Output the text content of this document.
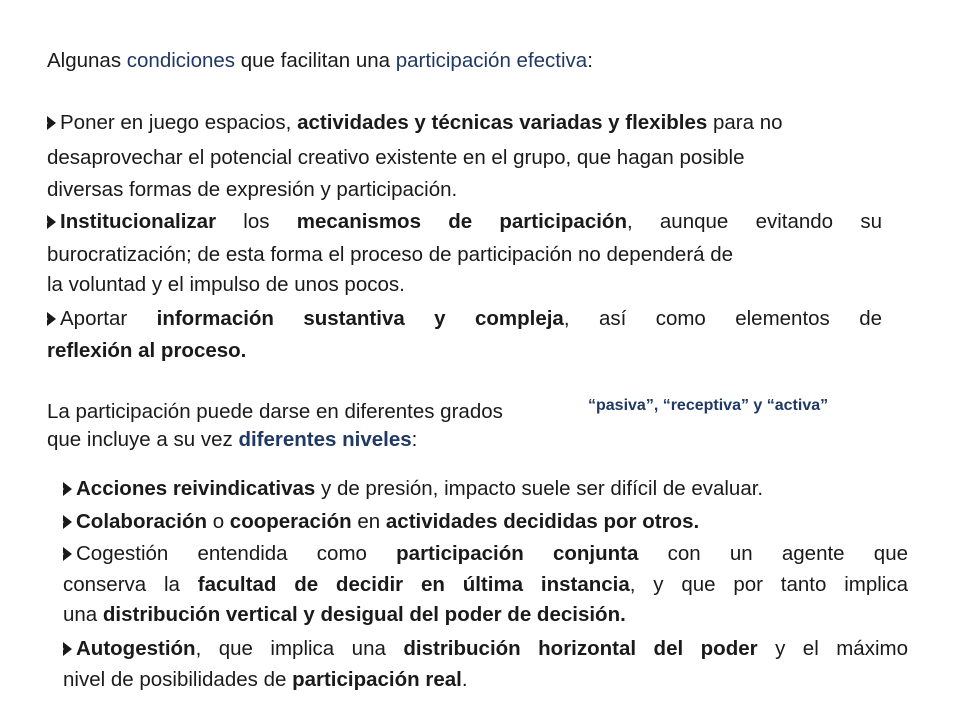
Algunas condiciones que facilitan una participación efectiva:
Poner en juego espacios, actividades y técnicas variadas y flexibles para no
desaprovechar el potencial creativo existente en el grupo, que hagan posible
diversas formas de expresión y participación.
Institucionalizar los mecanismos de participación, aunque evitando su
burocratización; de esta forma el proceso de participación no dependerá de
la voluntad y el impulso de unos pocos.
Aportar información sustantiva y compleja, así como elementos de
reflexión al proceso.
La participación puede darse en diferentes grados	“pasiva”, “receptiva” y “activa”
que incluye a su vez diferentes niveles:
Acciones reivindicativas y de presión, impacto suele ser difícil de evaluar.
Colaboración o cooperación en actividades decididas por otros.
Cogestión entendida como participación conjunta con un agente que
conserva la facultad de decidir en última instancia, y que por tanto implica
una distribución vertical y desigual del poder de decisión.
Autogestión, que implica una distribución horizontal del poder y el máximo
nivel de posibilidades de participación real.
